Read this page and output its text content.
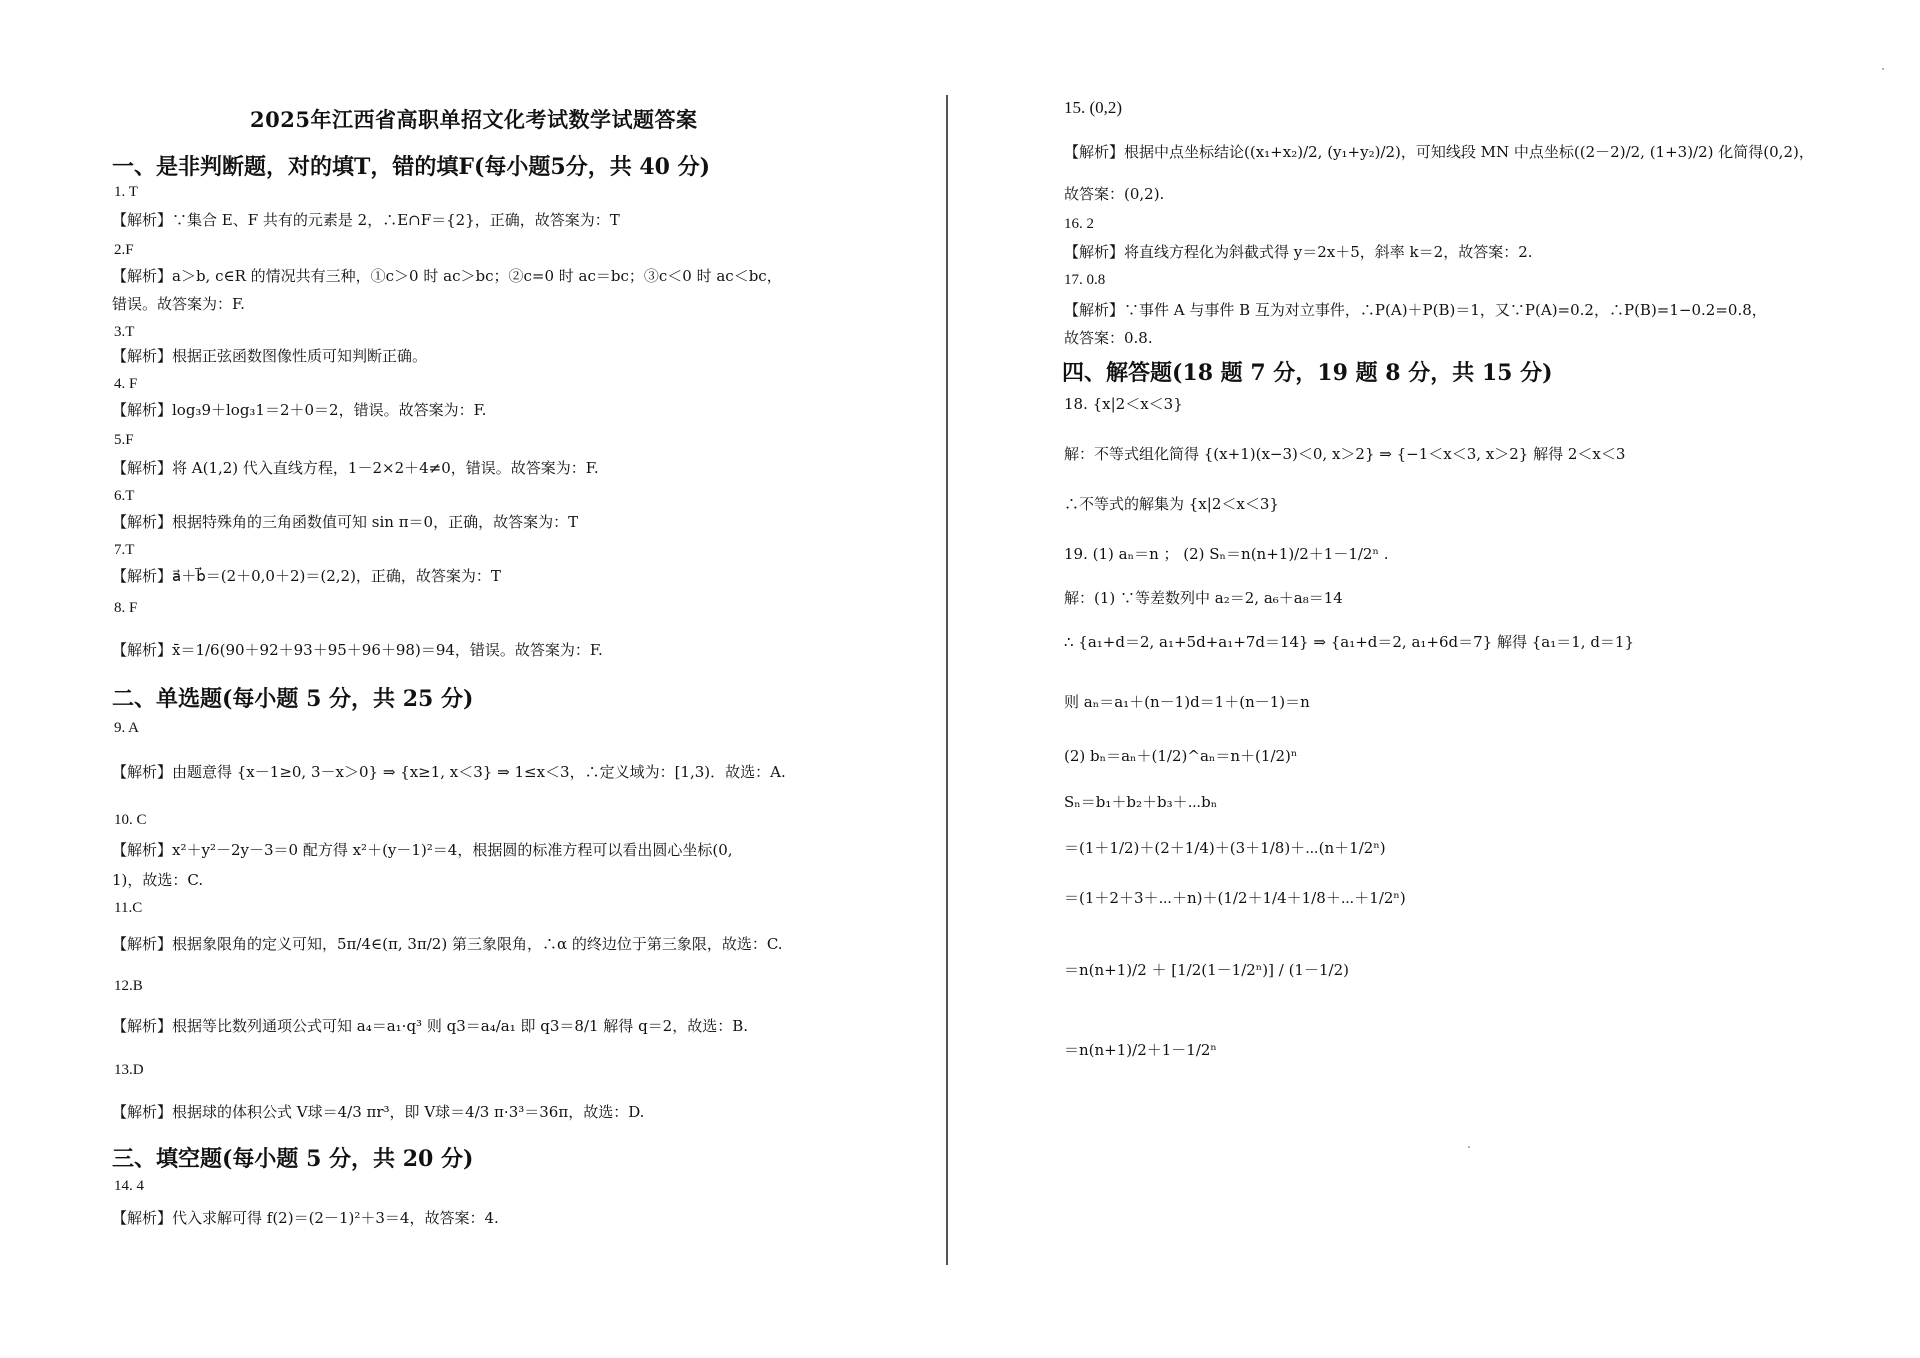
2025年江西省高职单招文化考试数学试题答案
一、是非判断题，对的填T，错的填F(每小题5分，共 40 分)

1. T

【解析】∵集合 E、F 共有的元素是 2，∴E∩F＝{2}，正确，故答案为：T

2.F

【解析】a＞b, c∈R 的情况共有三种，①c＞0 时 ac＞bc；②c=0 时 ac＝bc；③c＜0 时 ac＜bc，

错误。故答案为：F.

3.T

【解析】根据正弦函数图像性质可知判断正确。

4. F

【解析】log₃9＋log₃1＝2＋0＝2，错误。故答案为：F.

5.F

【解析】将 A(1,2) 代入直线方程，1－2×2＋4≠0，错误。故答案为：F.

6.T

【解析】根据特殊角的三角函数值可知 sin π＝0，正确，故答案为：T

7.T

【解析】a⃗＋b⃗＝(2＋0,0＋2)＝(2,2)，正确，故答案为：T

8. F

【解析】x̄＝1/6(90＋92＋93＋95＋96＋98)＝94，错误。故答案为：F.

二、单选题(每小题 5 分，共 25 分)

9. A

【解析】由题意得 {x－1≥0, 3－x＞0} ⇒ {x≥1, x＜3} ⇒ 1≤x＜3，∴定义域为：[1,3)．故选：A.

10. C

【解析】x²＋y²－2y－3＝0 配方得 x²＋(y－1)²＝4，根据圆的标准方程可以看出圆心坐标(0,

1)，故选：C.

11.C

【解析】根据象限角的定义可知，5π/4∈(π, 3π/2) 第三象限角，∴α 的终边位于第三象限，故选：C.

12.B

【解析】根据等比数列通项公式可知 a₄＝a₁·q³ 则 q3＝a₄/a₁ 即 q3＝8/1 解得 q＝2，故选：B.

13.D

【解析】根据球的体积公式 V球＝4/3 πr³，即 V球＝4/3 π·3³＝36π，故选：D.

三、填空题(每小题 5 分，共 20 分)

14. 4

【解析】代入求解可得 f(2)＝(2－1)²＋3＝4，故答案：4.

15. (0,2)

【解析】根据中点坐标结论((x₁+x₂)/2, (y₁+y₂)/2)，可知线段 MN 中点坐标((2－2)/2, (1+3)/2) 化简得(0,2)，

故答案：(0,2).

16. 2

【解析】将直线方程化为斜截式得 y＝2x＋5，斜率 k＝2，故答案：2.

17. 0.8

【解析】∵事件 A 与事件 B 互为对立事件，∴P(A)＋P(B)＝1，又∵P(A)=0.2，∴P(B)=1−0.2=0.8，

故答案：0.8.

四、解答题(18 题 7 分，19 题 8 分，共 15 分)

18. {x|2＜x＜3}

解：不等式组化简得 {(x+1)(x−3)＜0, x＞2} ⇒ {−1＜x＜3, x＞2} 解得 2＜x＜3

∴不等式的解集为 {x|2＜x＜3}

19. (1) aₙ＝n ； (2) Sₙ＝n(n+1)/2＋1－1/2ⁿ .

解：(1) ∵等差数列中 a₂＝2, a₆＋a₈＝14

∴ {a₁+d＝2, a₁+5d+a₁+7d＝14} ⇒ {a₁+d＝2, a₁+6d＝7} 解得 {a₁＝1, d＝1}

则 aₙ＝a₁＋(n－1)d＝1＋(n－1)＝n

(2) bₙ＝aₙ＋(1/2)^aₙ＝n＋(1/2)ⁿ

Sₙ＝b₁＋b₂＋b₃＋⋯bₙ

＝(1＋1/2)＋(2＋1/4)＋(3＋1/8)＋⋯(n＋1/2ⁿ)

＝(1＋2＋3＋⋯＋n)＋(1/2＋1/4＋1/8＋⋯＋1/2ⁿ)

＝n(n+1)/2 ＋ [1/2(1－1/2ⁿ)] / (1－1/2)

＝n(n+1)/2＋1－1/2ⁿ
